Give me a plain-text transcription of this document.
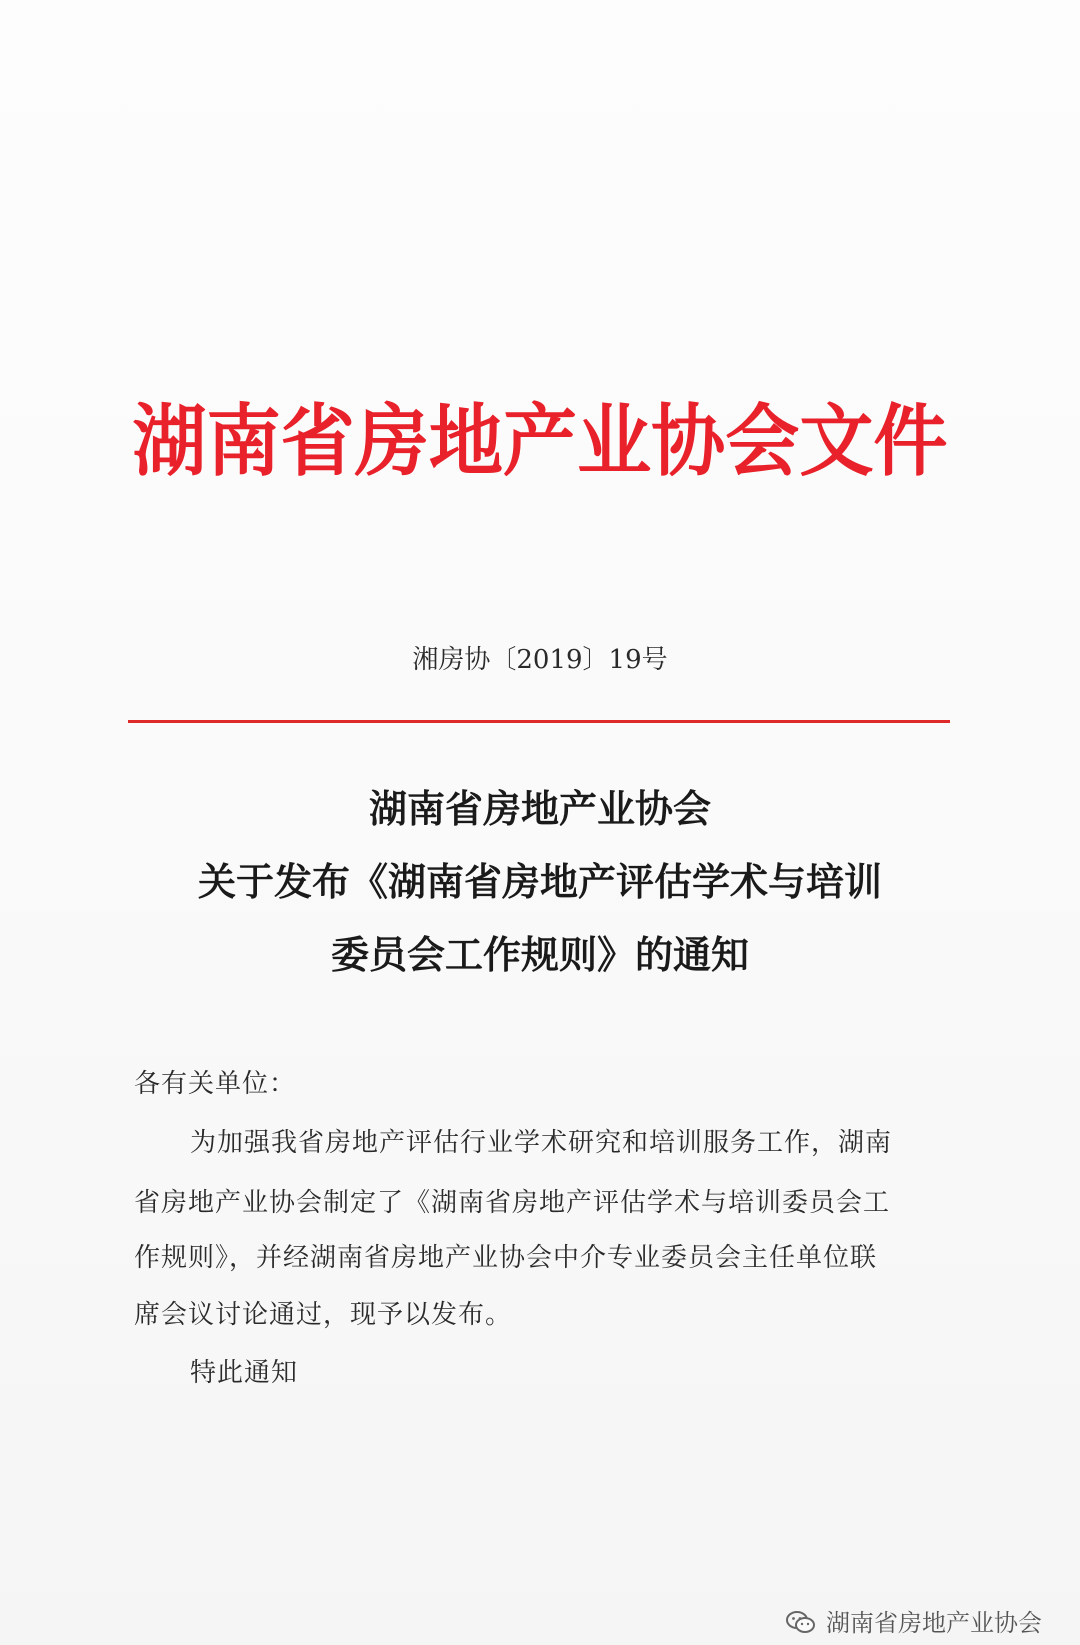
湖南省房地产业协会文件
湘房协〔2019〕19号
湖南省房地产业协会
关于发布《湖南省房地产评估学术与培训
委员会工作规则》的通知
各有关单位：
为加强我省房地产评估行业学术研究和培训服务工作，湖南
省房地产业协会制定了《湖南省房地产评估学术与培训委员会工
作规则》，并经湖南省房地产业协会中介专业委员会主任单位联
席会议讨论通过，现予以发布。
特此通知
湖南省房地产业协会
